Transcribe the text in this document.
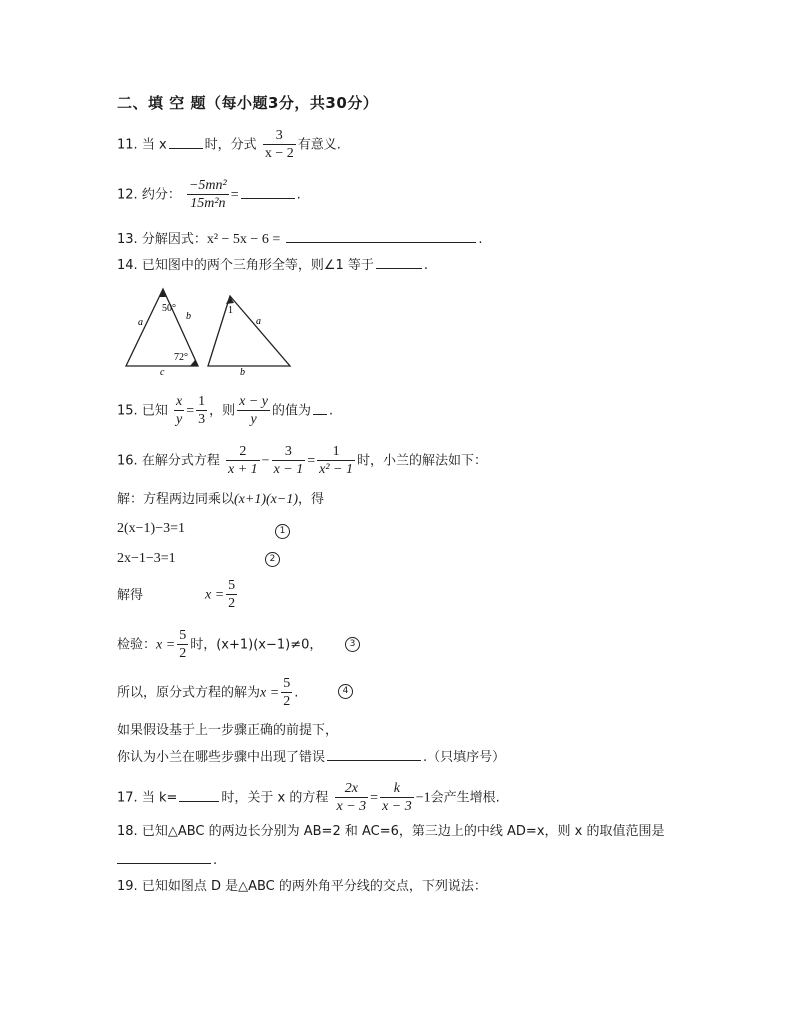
二、填 空 题（每小题3分，共30分）
11. 当 x	时，分式 $\frac{3}{x - 2}$ 有意义.
12. 约分： $\frac{\text{−5mn²}}{\text{15m²n}}$ =	.
13. 分解因式：x² − 5x − 6 =	.
14. 已知图中的两个三角形全等，则∠1 等于	.
a
b
c
50°
72°
1
a
b
15. 已知 $\frac{x}{y} = \frac{1}{3}$ ，则 $\frac{x - y}{y}$ 的值为 .
16. 在解分式方程 $\frac{2}{x + 1} - \frac{3}{x - 1} = \frac{1}{\text{x² − 1}}$ 时，小兰的解法如下：
解：方程两边同乘以(x+1)(x−1)，得
2(x−1)−3=1	1
2x−1−3=1	2
解得	$x = \frac{5}{2}$
检验：$x = \frac{5}{2}$ 时，(x+1)(x−1)≠0，	3
所以，原分式方程的解为$x = \frac{5}{2}$ .	4
如果假设基于上一步骤正确的前提下，
你认为小兰在哪些步骤中出现了错误	.（只填序号）
17. 当 k=	时，关于 x 的方程 $\frac{2x}{x - 3} = \frac{k}{x - 3} -1$会产生增根.
18. 已知△ABC 的两边长分别为 AB=2 和 AC=6，第三边上的中线 AD=x，则 x 的取值范围是
.
19. 已知如图点 D 是△ABC 的两外角平分线的交点，下列说法：
